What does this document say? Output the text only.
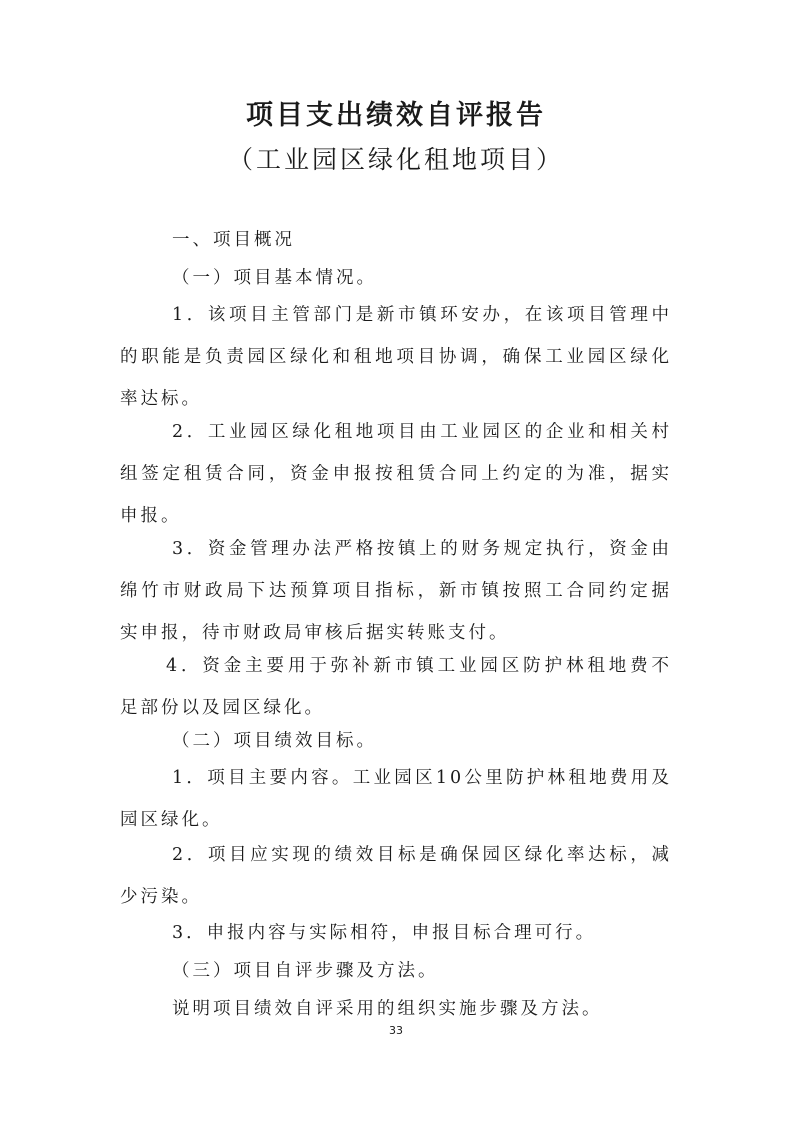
项目支出绩效自评报告
（工业园区绿化租地项目）

一、项目概况

（一）项目基本情况。

1．该项目主管部门是新市镇环安办，在该项目管理中的职能是负责园区绿化和租地项目协调，确保工业园区绿化率达标。

2．工业园区绿化租地项目由工业园区的企业和相关村组签定租赁合同，资金申报按租赁合同上约定的为准，据实申报。

3．资金管理办法严格按镇上的财务规定执行，资金由绵竹市财政局下达预算项目指标，新市镇按照工合同约定据实申报，待市财政局审核后据实转账支付。

4．资金主要用于弥补新市镇工业园区防护林租地费不足部份以及园区绿化。

（二）项目绩效目标。

1．项目主要内容。工业园区10公里防护林租地费用及园区绿化。

2．项目应实现的绩效目标是确保园区绿化率达标，减少污染。

3．申报内容与实际相符，申报目标合理可行。

（三）项目自评步骤及方法。

说明项目绩效自评采用的组织实施步骤及方法。

33
